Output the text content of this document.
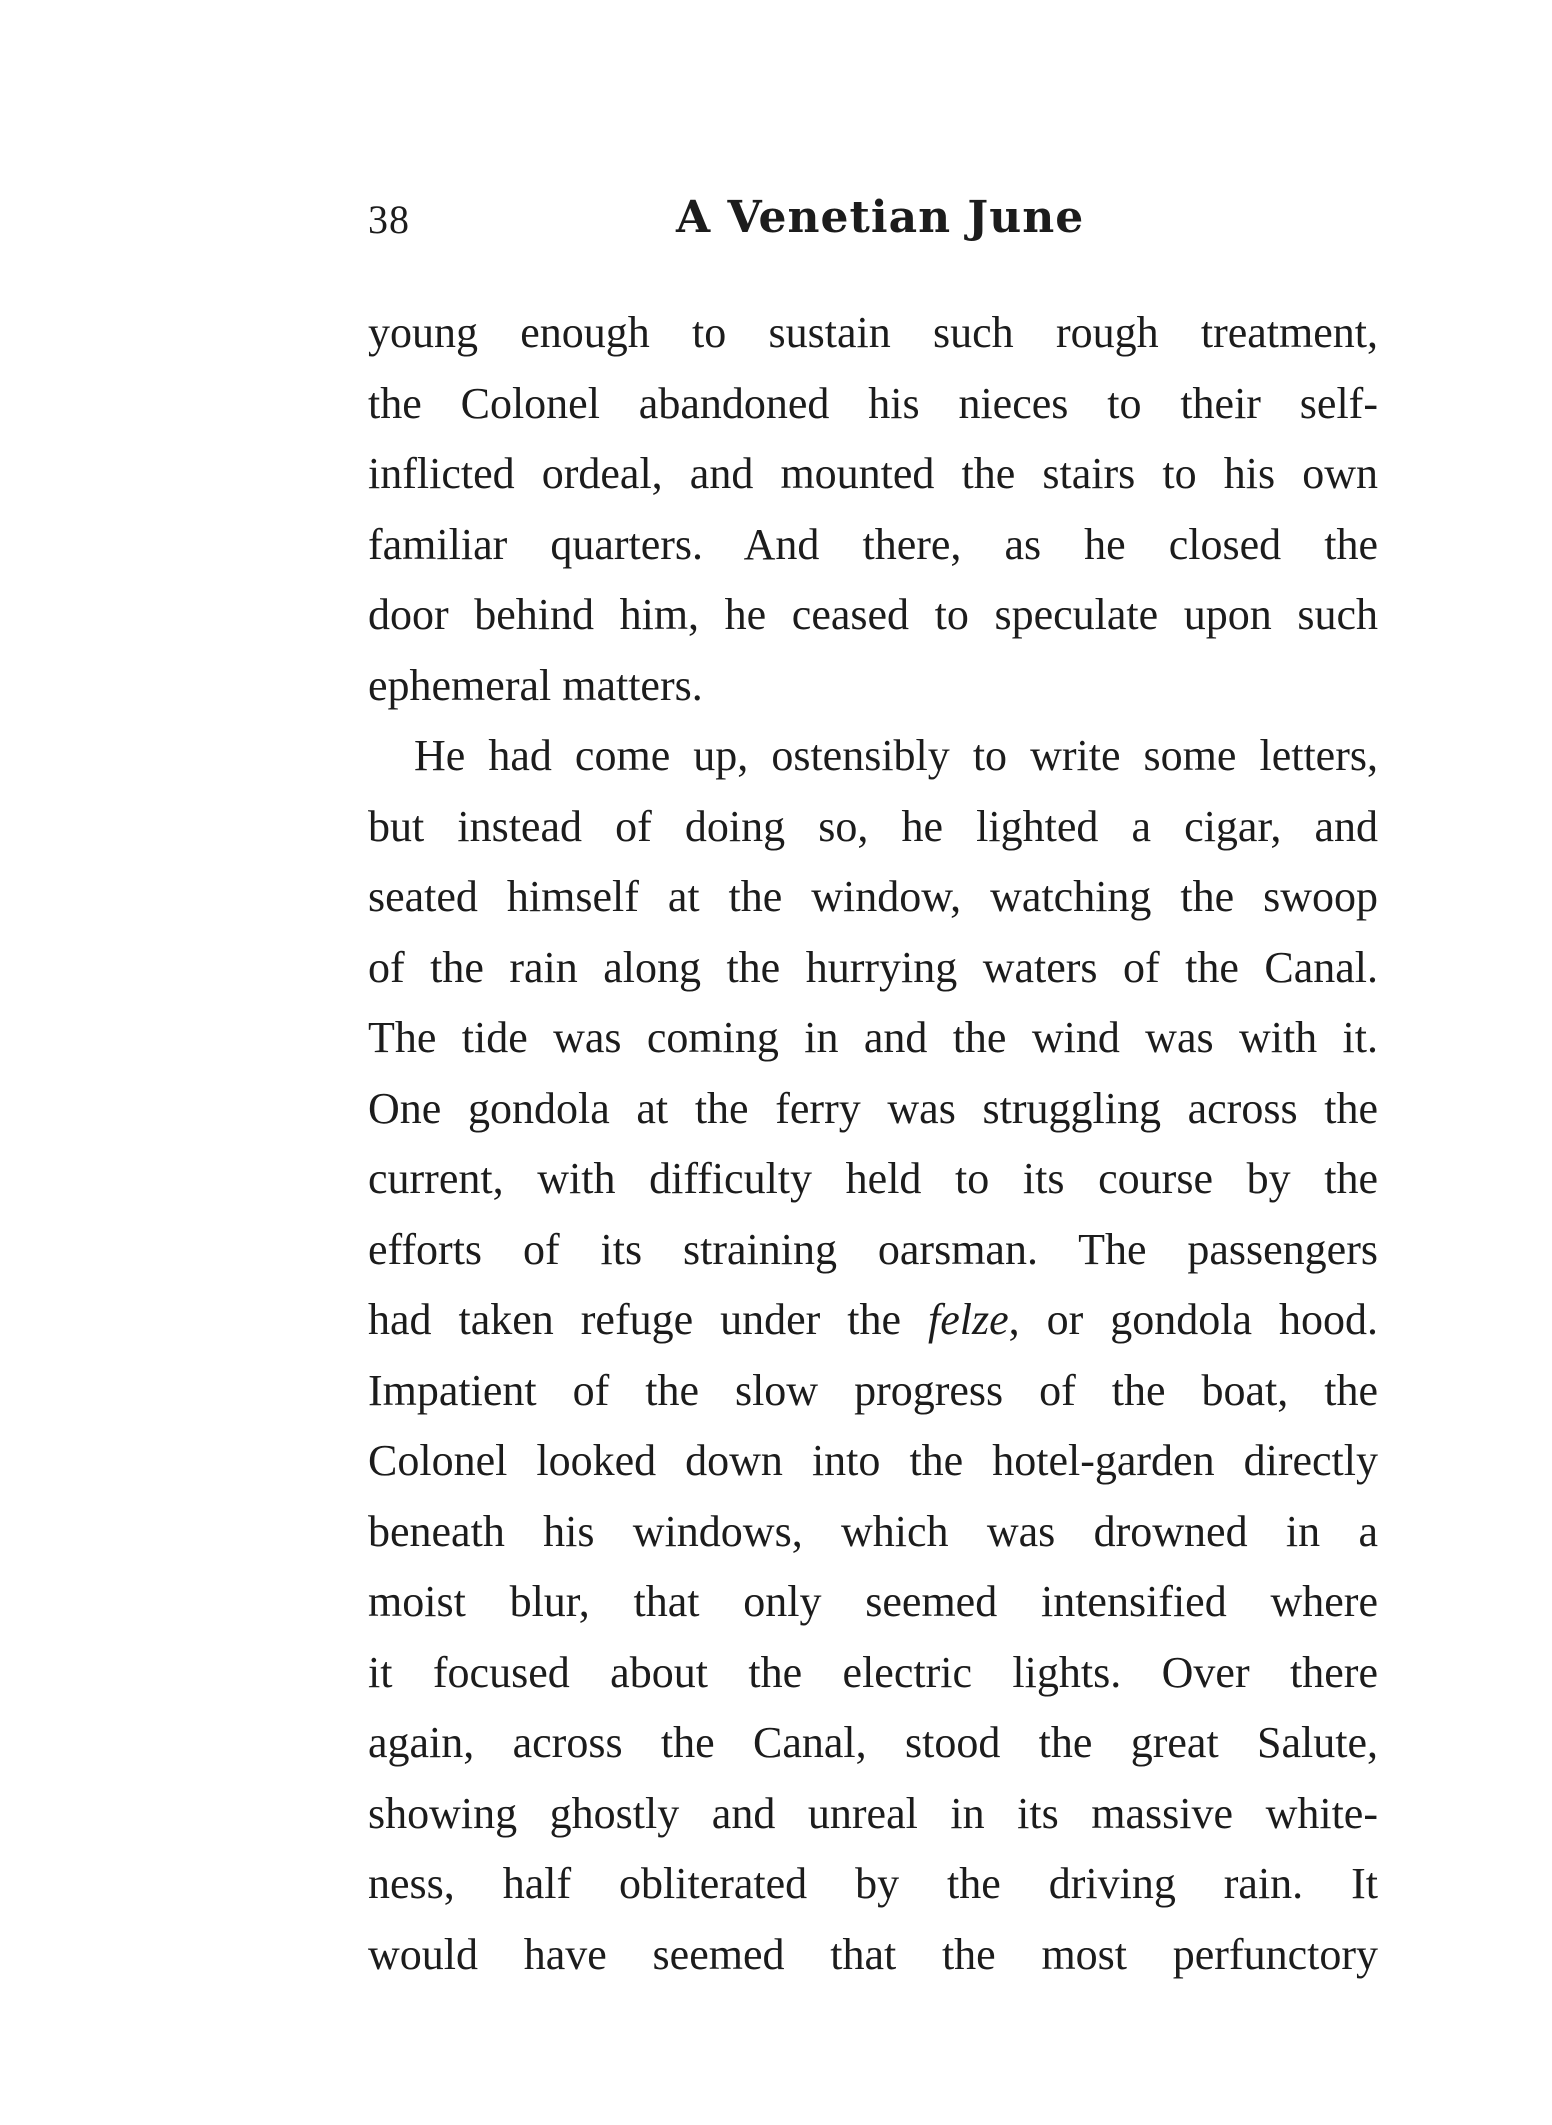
38	A Venetian June
young enough to sustain such rough treatment,
the Colonel abandoned his nieces to their self-
inflicted ordeal, and mounted the stairs to his own
familiar quarters. And there, as he closed the
door behind him, he ceased to speculate upon such
ephemeral matters.
He had come up, ostensibly to write some letters,
but instead of doing so, he lighted a cigar, and
seated himself at the window, watching the swoop
of the rain along the hurrying waters of the Canal.
The tide was coming in and the wind was with it.
One gondola at the ferry was struggling across the
current, with difficulty held to its course by the
efforts of its straining oarsman. The passengers
had taken refuge under the felze, or gondola hood.
Impatient of the slow progress of the boat, the
Colonel looked down into the hotel-garden directly
beneath his windows, which was drowned in a
moist blur, that only seemed intensified where
it focused about the electric lights. Over there
again, across the Canal, stood the great Salute,
showing ghostly and unreal in its massive white-
ness, half obliterated by the driving rain. It
would have seemed that the most perfunctory
